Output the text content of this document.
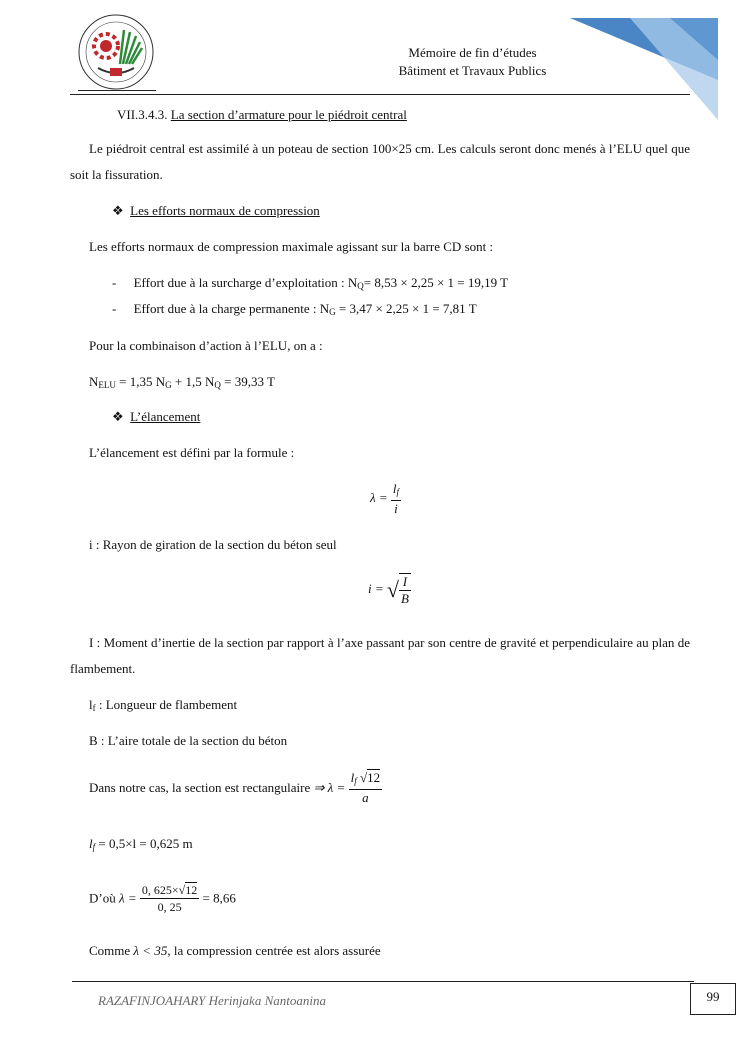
Mémoire de fin d’études
Bâtiment et Travaux Publics
VII.3.4.3. La section d’armature pour le piédroit central
Le piédroit central est assimilé à un poteau de section 100×25 cm. Les calculs seront donc menés à l’ELU quel que soit la fissuration.
❖ Les efforts normaux de compression
Les efforts normaux de compression maximale agissant sur la barre CD sont :
- Effort due à la surcharge d’exploitation : $N_Q= 8,53 \times 2,25 \times 1 = 19,19$ T
- Effort due à la charge permanente : $N_G = 3,47 \times 2,25 \times 1 = 7,81$ T
Pour la combinaison d’action à l’ELU, on a :
$N_{ELU} = 1,35$ $N_G + 1,5$ $N_Q = 39,33$ T
❖ L’élancement
L’élancement est défini par la formule :
$\lambda = \frac{l_f}{i}$
i : Rayon de giration de la section du béton seul
i = √ $\frac{I}{B}$
I : Moment d’inertie de la section par rapport à l’axe passant par son centre de gravité et perpendiculaire au plan de flambement.
$l_f$ : Longueur de flambement
B : L’aire totale de la section du béton
Dans notre cas, la section est rectangulaire ⇒ $\lambda = \frac{l_f √12}{a}$
$l_f = 0,5\times l = 0,625$ m
D’où $\lambda = \frac{0, 625\times√12}{0, 25} = 8,66$
Comme λ < 35, la compression centrée est alors assurée
RAZAFINJOAHARY Herinjaka Nantoanina	99
